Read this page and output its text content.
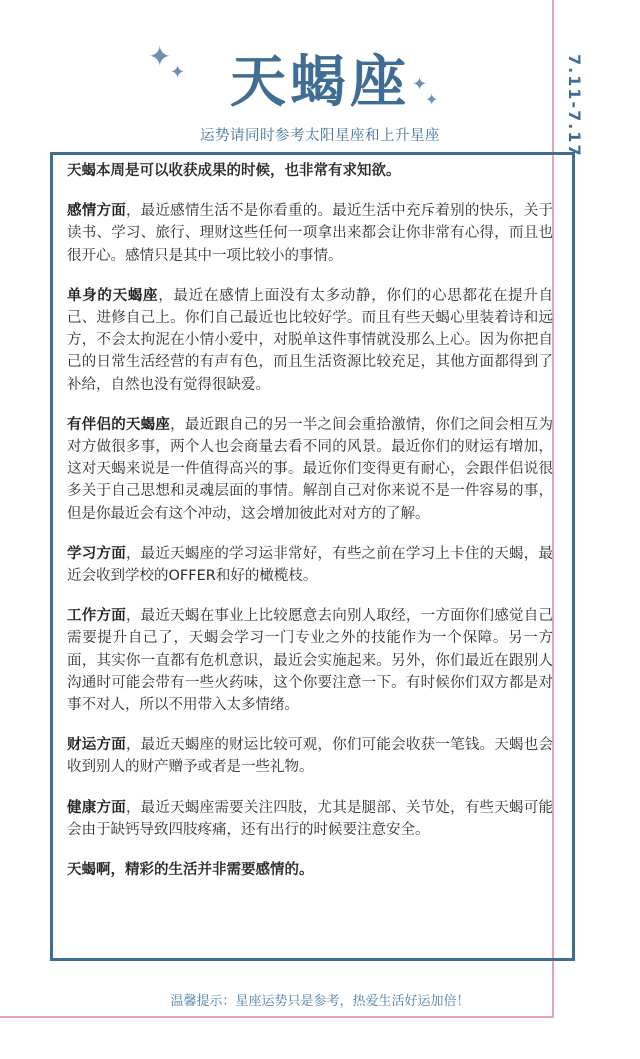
✦
✦
✦
✦
天蝎座
运势请同时参考太阳星座和上升星座	7.11-7.17

天蝎本周是可以收获成果的时候，也非常有求知欲。

感情方面，最近感情生活不是你看重的。最近生活中充斥着别的快乐，关于读书、学习、旅行、理财这些任何一项拿出来都会让你非常有心得，而且也很开心。感情只是其中一项比较小的事情。

单身的天蝎座，最近在感情上面没有太多动静，你们的心思都花在提升自己、进修自己上。你们自己最近也比较好学。而且有些天蝎心里装着诗和远方，不会太拘泥在小情小爱中，对脱单这件事情就没那么上心。因为你把自己的日常生活经营的有声有色，而且生活资源比较充足，其他方面都得到了补给，自然也没有觉得很缺爱。

有伴侣的天蝎座，最近跟自己的另一半之间会重拾激情，你们之间会相互为对方做很多事，两个人也会商量去看不同的风景。最近你们的财运有增加，这对天蝎来说是一件值得高兴的事。最近你们变得更有耐心，会跟伴侣说很多关于自己思想和灵魂层面的事情。解剖自己对你来说不是一件容易的事，但是你最近会有这个冲动，这会增加彼此对对方的了解。

学习方面，最近天蝎座的学习运非常好，有些之前在学习上卡住的天蝎，最近会收到学校的OFFER和好的橄榄枝。

工作方面，最近天蝎在事业上比较愿意去向别人取经，一方面你们感觉自己需要提升自己了，天蝎会学习一门专业之外的技能作为一个保障。另一方面，其实你一直都有危机意识，最近会实施起来。另外，你们最近在跟别人沟通时可能会带有一些火药味，这个你要注意一下。有时候你们双方都是对事不对人，所以不用带入太多情绪。

财运方面，最近天蝎座的财运比较可观，你们可能会收获一笔钱。天蝎也会收到别人的财产赠予或者是一些礼物。

健康方面，最近天蝎座需要关注四肢，尤其是腿部、关节处，有些天蝎可能会由于缺钙导致四肢疼痛，还有出行的时候要注意安全。

天蝎啊，精彩的生活并非需要感情的。

温馨提示：星座运势只是参考，热爱生活好运加倍！
